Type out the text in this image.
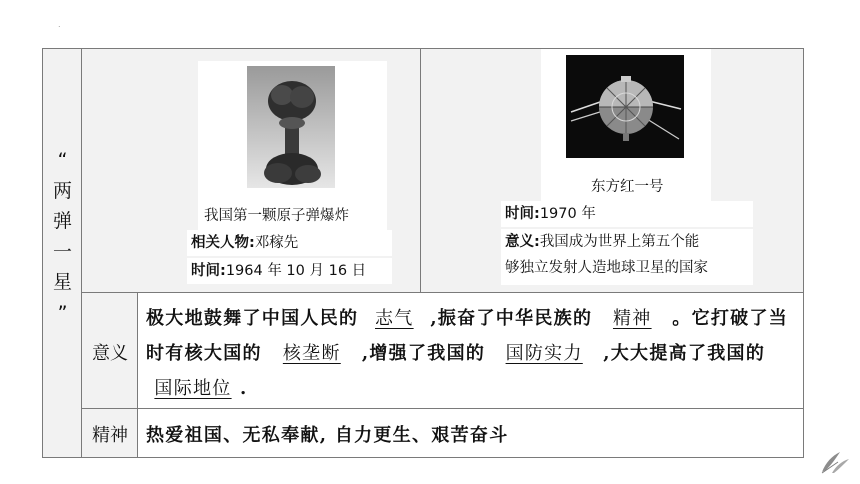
.
“
两
弹
一
星
”
我国第一颗原子弹爆炸
相关人物:邓稼先
时间:1964 年 10 月 16 日
东方红一号
时间:1970 年
意义:我国成为世界上第五个能
够独立发射人造地球卫星的国家
意义
极大地鼓舞了中国人民的 志气 ,振奋了中华民族的 精神 。它打破了当时有核大国的 核垄断 ,增强了我国的 国防实力 ,大大提高了我国的国际地位 .
精神	热爱祖国、无私奉献, 自力更生、艰苦奋斗
